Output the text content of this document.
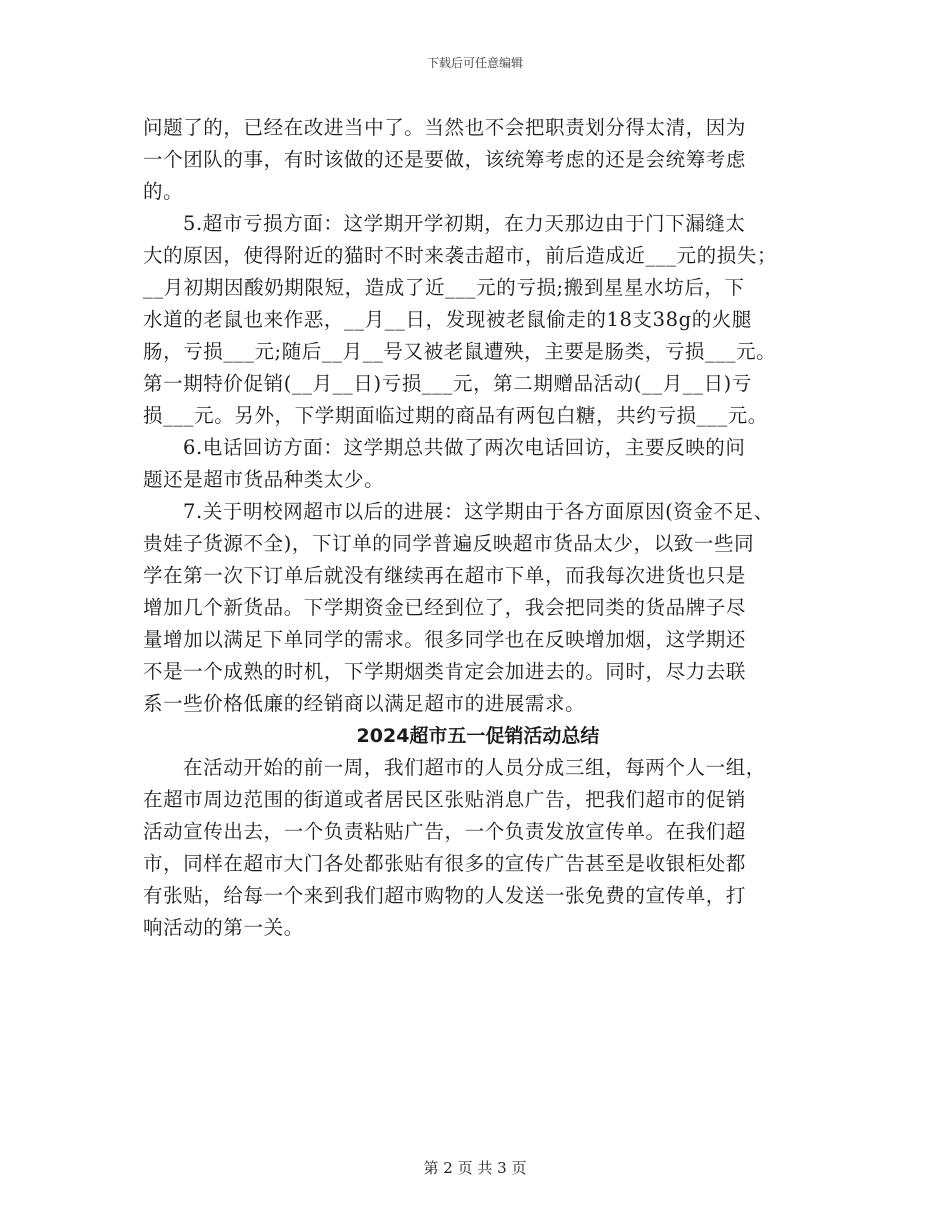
下载后可任意编辑

问题了的，已经在改进当中了。当然也不会把职责划分得太清，因为

一个团队的事，有时该做的还是要做，该统筹考虑的还是会统筹考虑

的。

5.超市亏损方面：这学期开学初期，在力天那边由于门下漏缝太

大的原因，使得附近的猫时不时来袭击超市，前后造成近___元的损失；

__月初期因酸奶期限短，造成了近___元的亏损;搬到星星水坊后，下

水道的老鼠也来作恶，__月__日，发现被老鼠偷走的18支38g的火腿

肠，亏损___元;随后__月__号又被老鼠遭殃，主要是肠类，亏损___元。

第一期特价促销(__月__日)亏损___元，第二期赠品活动(__月__日)亏

损___元。另外，下学期面临过期的商品有两包白糖，共约亏损___元。

6.电话回访方面：这学期总共做了两次电话回访，主要反映的问

题还是超市货品种类太少。

7.关于明校网超市以后的进展：这学期由于各方面原因(资金不足、

贵娃子货源不全)，下订单的同学普遍反映超市货品太少，以致一些同

学在第一次下订单后就没有继续再在超市下单，而我每次进货也只是

增加几个新货品。下学期资金已经到位了，我会把同类的货品牌子尽

量增加以满足下单同学的需求。很多同学也在反映增加烟，这学期还

不是一个成熟的时机，下学期烟类肯定会加进去的。同时，尽力去联

系一些价格低廉的经销商以满足超市的进展需求。

2024超市五一促销活动总结

在活动开始的前一周，我们超市的人员分成三组，每两个人一组，

在超市周边范围的街道或者居民区张贴消息广告，把我们超市的促销

活动宣传出去，一个负责粘贴广告，一个负责发放宣传单。在我们超

市，同样在超市大门各处都张贴有很多的宣传广告甚至是收银柜处都

有张贴，给每一个来到我们超市购物的人发送一张免费的宣传单，打

响活动的第一关。

第 2 页 共 3 页
